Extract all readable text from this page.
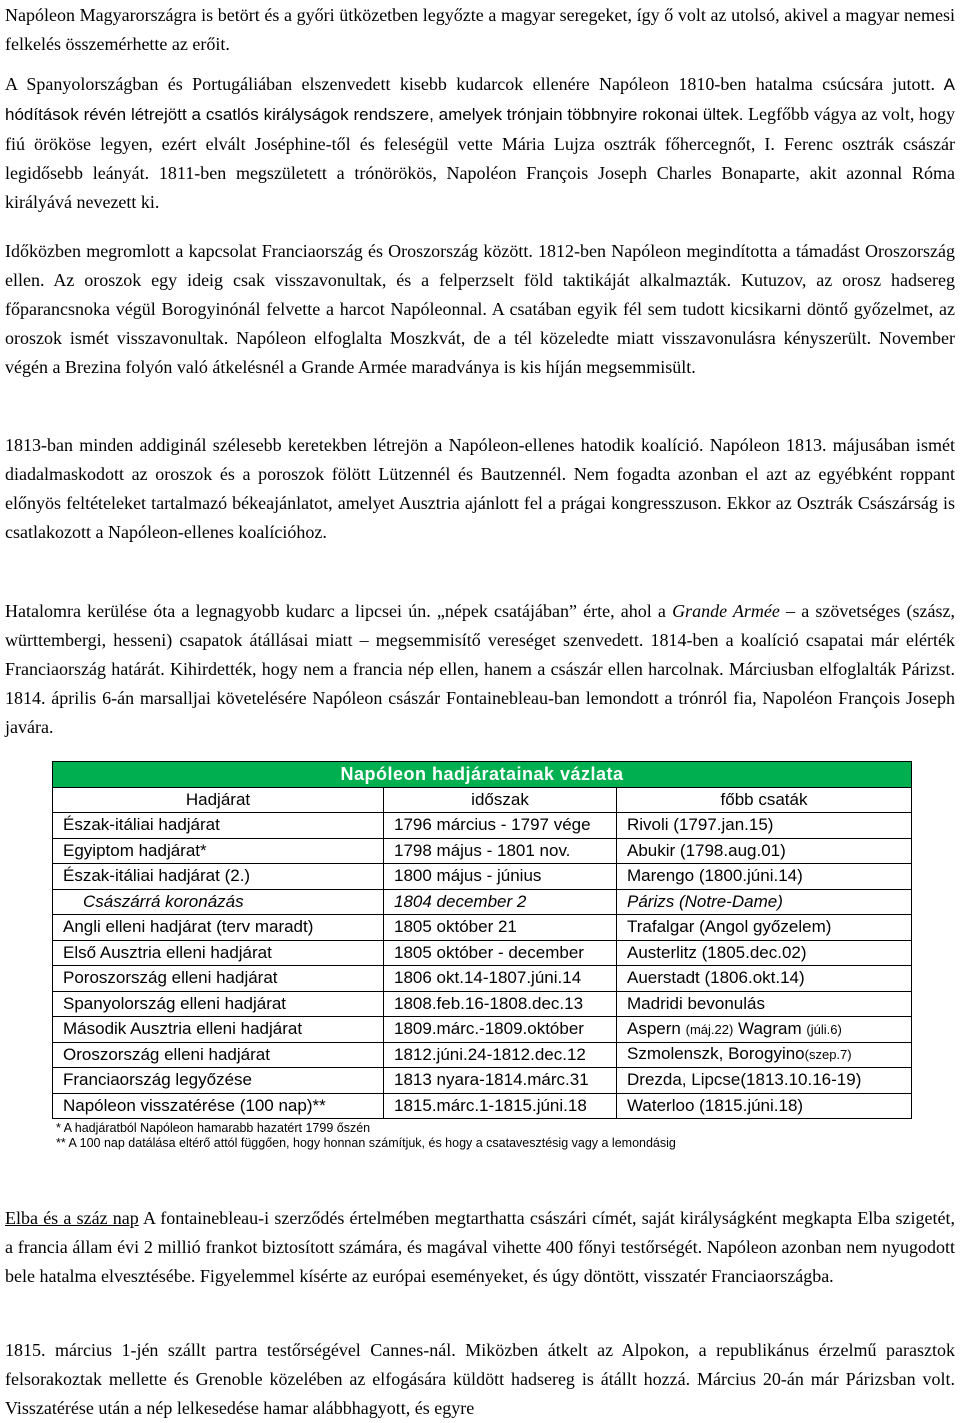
Napóleon Magyarországra is betört és a győri ütközetben legyőzte a magyar seregeket, így ő volt az utolsó, akivel a magyar nemesi felkelés összemérhette az erőit.

A Spanyolországban és Portugáliában elszenvedett kisebb kudarcok ellenére Napóleon 1810-ben hatalma csúcsára jutott. A hódítások révén létrejött a csatlós királyságok rendszere, amelyek trónjain többnyire rokonai ültek. Legfőbb vágya az volt, hogy fiú örököse legyen, ezért elvált Joséphine-től és feleségül vette Mária Lujza osztrák főhercegnőt, I. Ferenc osztrák császár legidősebb leányát. 1811-ben megszületett a trónörökös, Napoléon François Joseph Charles Bonaparte, akit azonnal Róma királyává nevezett ki.

Időközben megromlott a kapcsolat Franciaország és Oroszország között. 1812-ben Napóleon megindította a támadást Oroszország ellen. Az oroszok egy ideig csak visszavonultak, és a felperzselt föld taktikáját alkalmazták. Kutuzov, az orosz hadsereg főparancsnoka végül Borogyinónál felvette a harcot Napóleonnal. A csatában egyik fél sem tudott kicsikarni döntő győzelmet, az oroszok ismét visszavonultak. Napóleon elfoglalta Moszkvát, de a tél közeledte miatt visszavonulásra kényszerült. November végén a Brezina folyón való átkelésnél a Grande Armée maradványa is kis híján megsemmisült.

1813-ban minden addiginál szélesebb keretekben létrejön a Napóleon-ellenes hatodik koalíció. Napóleon 1813. májusában ismét diadalmaskodott az oroszok és a poroszok fölött Lützennél és Bautzennél. Nem fogadta azonban el azt az egyébként roppant előnyös feltételeket tartalmazó békeajánlatot, amelyet Ausztria ajánlott fel a prágai kongresszuson. Ekkor az Osztrák Császárság is csatlakozott a Napóleon-ellenes koalícióhoz.

Hatalomra kerülése óta a legnagyobb kudarc a lipcsei ún. „népek csatájában” érte, ahol a Grande Armée – a szövetséges (szász, württembergi, hesseni) csapatok átállásai miatt – megsemmisítő vereséget szenvedett. 1814-ben a koalíció csapatai már elérték Franciaország határát. Kihirdették, hogy nem a francia nép ellen, hanem a császár ellen harcolnak. Márciusban elfoglalták Párizst. 1814. április 6-án marsalljai követelésére Napóleon császár Fontainebleau-ban lemondott a trónról fia, Napoléon François Joseph javára.

Napóleon hadjáratainak vázlata		
Hadjárat	időszak	főbb csaták
Észak-itáliai hadjárat	1796 március - 1797 vége	Rivoli (1797.jan.15)
Egyiptom hadjárat*	1798 május - 1801 nov.	Abukir (1798.aug.01)
Észak-itáliai hadjárat (2.)	1800 május - június	Marengo (1800.júni.14)
Császárrá koronázás	1804 december 2	Párizs (Notre-Dame)
Angli elleni hadjárat (terv maradt)	1805 október 21	Trafalgar (Angol győzelem)
Első Ausztria elleni hadjárat	1805 október - december	Austerlitz (1805.dec.02)
Poroszország elleni hadjárat	1806 okt.14-1807.júni.14	Auerstadt (1806.okt.14)
Spanyolország elleni hadjárat	1808.feb.16-1808.dec.13	Madridi bevonulás
Második Ausztria elleni hadjárat	1809.márc.-1809.október	Aspern (máj.22) Wagram (júli.6)
Oroszország elleni hadjárat	1812.júni.24-1812.dec.12	Szmolenszk, Borogyino(szep.7)
Franciaország legyőzése	1813 nyara-1814.márc.31	Drezda, Lipcse(1813.10.16-19)
Napóleon visszatérése (100 nap)**	1815.márc.1-1815.júni.18	Waterloo (1815.júni.18)
* A hadjáratból Napóleon hamarabb hazatért 1799 őszén
** A 100 nap datálása eltérő attól függően, hogy honnan számítjuk, és hogy a csatavesztésig vagy a lemondásig

Elba és a száz nap A fontainebleau-i szerződés értelmében megtarthatta császári címét, saját királyságként megkapta Elba szigetét, a francia állam évi 2 millió frankot biztosított számára, és magával vihette 400 főnyi testőrségét. Napóleon azonban nem nyugodott bele hatalma elvesztésébe. Figyelemmel kísérte az európai eseményeket, és úgy döntött, visszatér Franciaországba.

1815. március 1-jén szállt partra testőrségével Cannes-nál. Miközben átkelt az Alpokon, a republikánus érzelmű parasztok felsorakoztak mellette és Grenoble közelében az elfogására küldött hadsereg is átállt hozzá. Március 20-án már Párizsban volt. Visszatérése után a nép lelkesedése hamar alábbhagyott, és egyre
